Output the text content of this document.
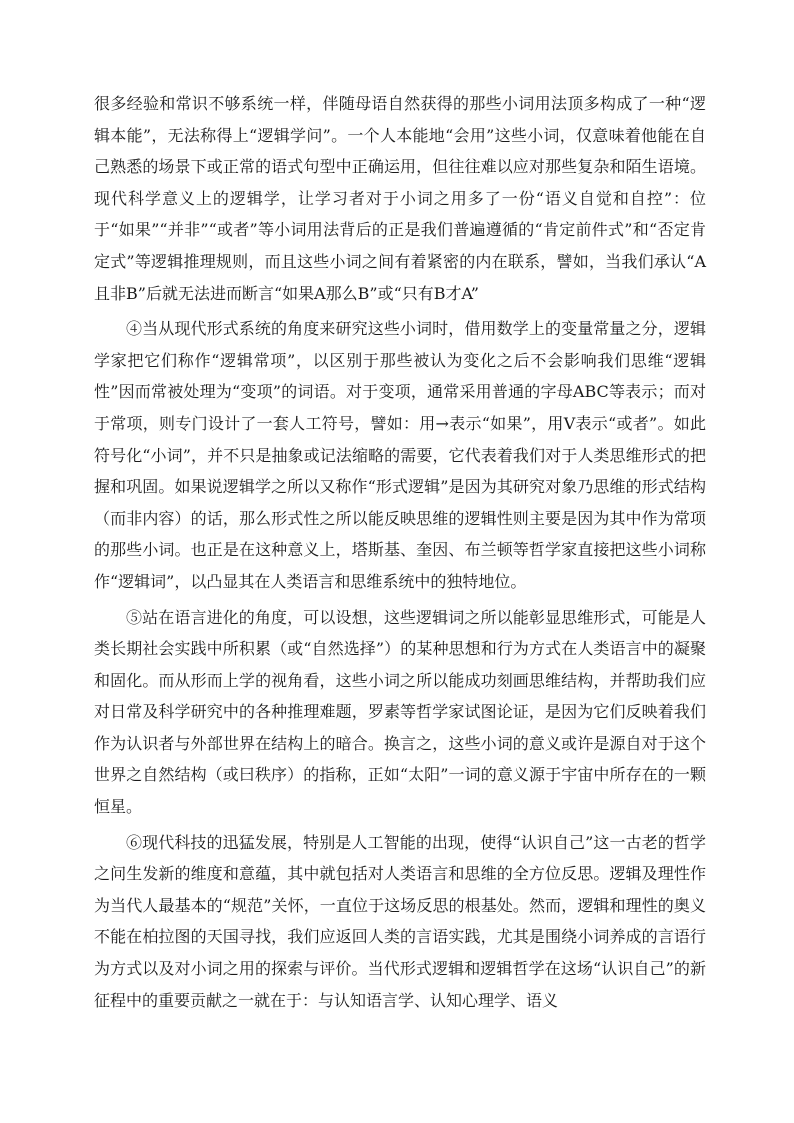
很多经验和常识不够系统一样，伴随母语自然获得的那些小词用法顶多构成了一种“逻辑本能”，无法称得上“逻辑学问”。一个人本能地“会用”这些小词，仅意味着他能在自己熟悉的场景下或正常的语式句型中正确运用，但往往难以应对那些复杂和陌生语境。现代科学意义上的逻辑学，让学习者对于小词之用多了一份“语义自觉和自控”：位于“如果”“并非”“或者”等小词用法背后的正是我们普遍遵循的“肯定前件式”和“否定肯定式”等逻辑推理规则，而且这些小词之间有着紧密的内在联系，譬如，当我们承认“A且非B”后就无法进而断言“如果A那么B”或“只有B才A”

④当从现代形式系统的角度来研究这些小词时，借用数学上的变量常量之分，逻辑学家把它们称作“逻辑常项”，以区别于那些被认为变化之后不会影响我们思维“逻辑性”因而常被处理为“变项”的词语。对于变项，通常采用普通的字母ABC等表示；而对于常项，则专门设计了一套人工符号，譬如：用→表示“如果”，用V表示“或者”。如此符号化“小词”，并不只是抽象或记法缩略的需要，它代表着我们对于人类思维形式的把握和巩固。如果说逻辑学之所以又称作“形式逻辑”是因为其研究对象乃思维的形式结构（而非内容）的话，那么形式性之所以能反映思维的逻辑性则主要是因为其中作为常项的那些小词。也正是在这种意义上，塔斯基、奎因、布兰顿等哲学家直接把这些小词称作“逻辑词”，以凸显其在人类语言和思维系统中的独特地位。

⑤站在语言进化的角度，可以设想，这些逻辑词之所以能彰显思维形式，可能是人类长期社会实践中所积累（或“自然选择”）的某种思想和行为方式在人类语言中的凝聚和固化。而从形而上学的视角看，这些小词之所以能成功刻画思维结构，并帮助我们应对日常及科学研究中的各种推理难题，罗素等哲学家试图论证，是因为它们反映着我们作为认识者与外部世界在结构上的暗合。换言之，这些小词的意义或许是源自对于这个世界之自然结构（或曰秩序）的指称，正如“太阳”一词的意义源于宇宙中所存在的一颗恒星。

⑥现代科技的迅猛发展，特别是人工智能的出现，使得“认识自己”这一古老的哲学之问生发新的维度和意蕴，其中就包括对人类语言和思维的全方位反思。逻辑及理性作为当代人最基本的“规范”关怀，一直位于这场反思的根基处。然而，逻辑和理性的奥义不能在柏拉图的天国寻找，我们应返回人类的言语实践，尤其是围绕小词养成的言语行为方式以及对小词之用的探索与评价。当代形式逻辑和逻辑哲学在这场“认识自己”的新征程中的重要贡献之一就在于：与认知语言学、认知心理学、语义
